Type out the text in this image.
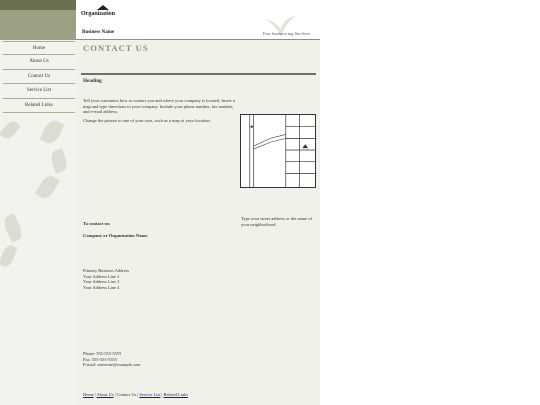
Home
About Us
Contact Us
Service List
Related Links
Organization
Business Name	Your business tag line here.
CONTACT US
Heading

Tell your customers how to contact you and where your company is located. Insert a map and type directions to your company. Include your phone number, fax number, and e-mail address.

Change the picture to one of your own, such as a map of your location.

Type your street address or the name of your neighborhood.
To contact us:
Company or Organization Name
Primary Business Address
Your Address Line 2
Your Address Line 3
Your Address Line 4
Phone: 555-555-5555
Fax: 555-555-5555
E-mail: someone@example.com
Home | About Us | Contact Us | Service List | Related Links
